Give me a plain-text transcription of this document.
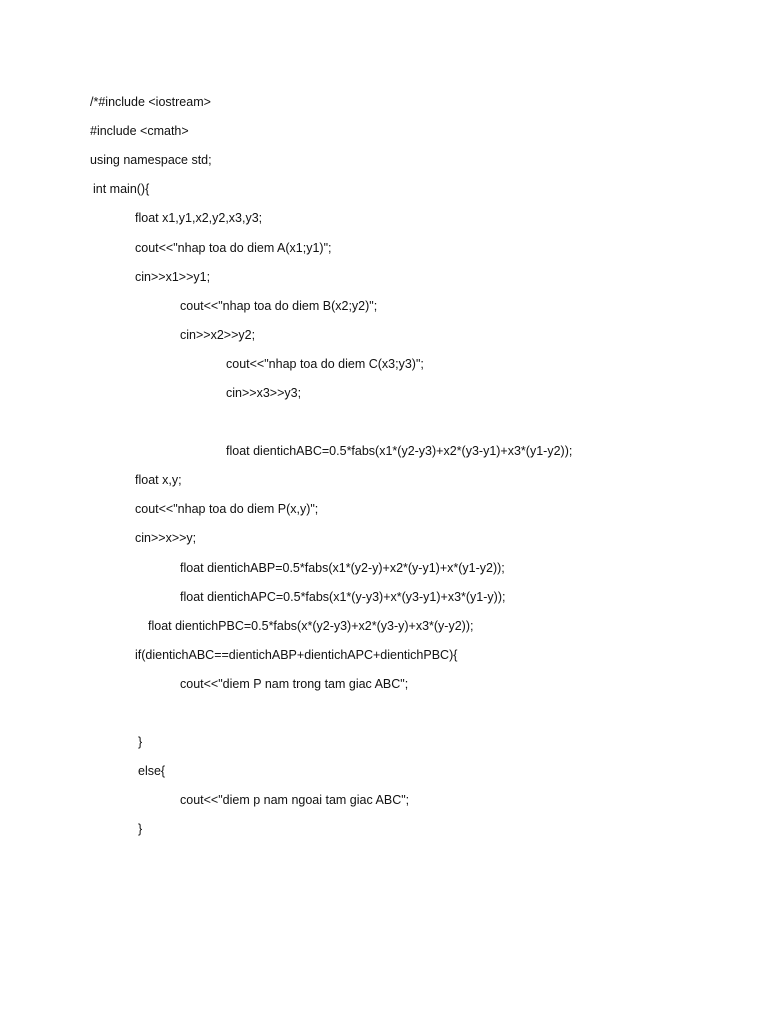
/*#include <iostream>
#include <cmath>
using namespace std;
int main(){
float x1,y1,x2,y2,x3,y3;
cout<<"nhap toa do diem A(x1;y1)";
cin>>x1>>y1;
cout<<"nhap toa do diem B(x2;y2)";
cin>>x2>>y2;
cout<<"nhap toa do diem C(x3;y3)";
cin>>x3>>y3;
float dientichABC=0.5*fabs(x1*(y2-y3)+x2*(y3-y1)+x3*(y1-y2));
float x,y;
cout<<"nhap toa do diem P(x,y)";
cin>>x>>y;
float dientichABP=0.5*fabs(x1*(y2-y)+x2*(y-y1)+x*(y1-y2));
float dientichAPC=0.5*fabs(x1*(y-y3)+x*(y3-y1)+x3*(y1-y));
float dientichPBC=0.5*fabs(x*(y2-y3)+x2*(y3-y)+x3*(y-y2));
if(dientichABC==dientichABP+dientichAPC+dientichPBC){
cout<<"diem P nam trong tam giac ABC";
}
else{
cout<<"diem p nam ngoai tam giac ABC";
}
